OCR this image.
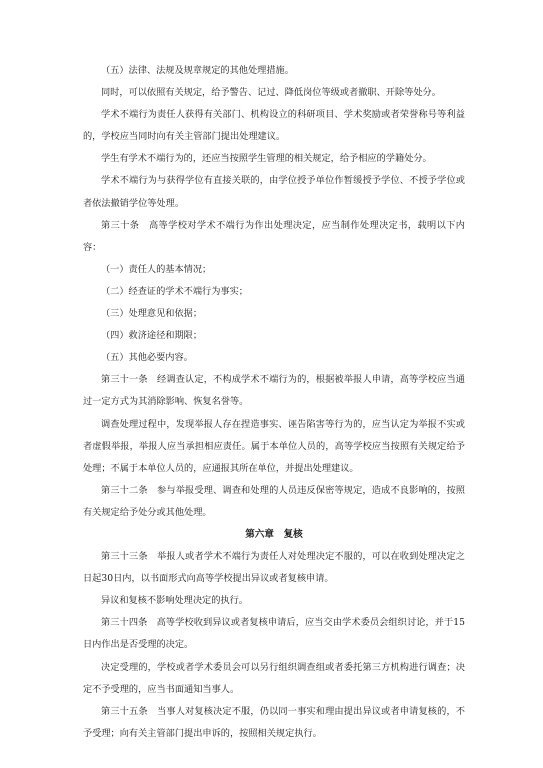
（五）法律、法规及规章规定的其他处理措施。

同时，可以依照有关规定，给予警告、记过、降低岗位等级或者撤职、开除等处分。

学术不端行为责任人获得有关部门、机构设立的科研项目、学术奖励或者荣誉称号等利益的，学校应当同时向有关主管部门提出处理建议。

学生有学术不端行为的，还应当按照学生管理的相关规定，给予相应的学籍处分。

学术不端行为与获得学位有直接关联的，由学位授予单位作暂缓授予学位、不授予学位或者依法撤销学位等处理。

第三十条　高等学校对学术不端行为作出处理决定，应当制作处理决定书，载明以下内容：

（一）责任人的基本情况；

（二）经查证的学术不端行为事实；

（三）处理意见和依据；

（四）救济途径和期限；

（五）其他必要内容。

第三十一条　经调查认定，不构成学术不端行为的，根据被举报人申请，高等学校应当通过一定方式为其消除影响、恢复名誉等。

调查处理过程中，发现举报人存在捏造事实、诬告陷害等行为的，应当认定为举报不实或者虚假举报，举报人应当承担相应责任。属于本单位人员的，高等学校应当按照有关规定给予处理；不属于本单位人员的，应通报其所在单位，并提出处理建议。

第三十二条　参与举报受理、调查和处理的人员违反保密等规定，造成不良影响的，按照有关规定给予处分或其他处理。

第六章　复核

第三十三条　举报人或者学术不端行为责任人对处理决定不服的，可以在收到处理决定之日起30日内，以书面形式向高等学校提出异议或者复核申请。

异议和复核不影响处理决定的执行。

第三十四条　高等学校收到异议或者复核申请后，应当交由学术委员会组织讨论，并于15日内作出是否受理的决定。

决定受理的，学校或者学术委员会可以另行组织调查组或者委托第三方机构进行调查；决定不予受理的，应当书面通知当事人。

第三十五条　当事人对复核决定不服，仍以同一事实和理由提出异议或者申请复核的，不予受理；向有关主管部门提出申诉的，按照相关规定执行。
